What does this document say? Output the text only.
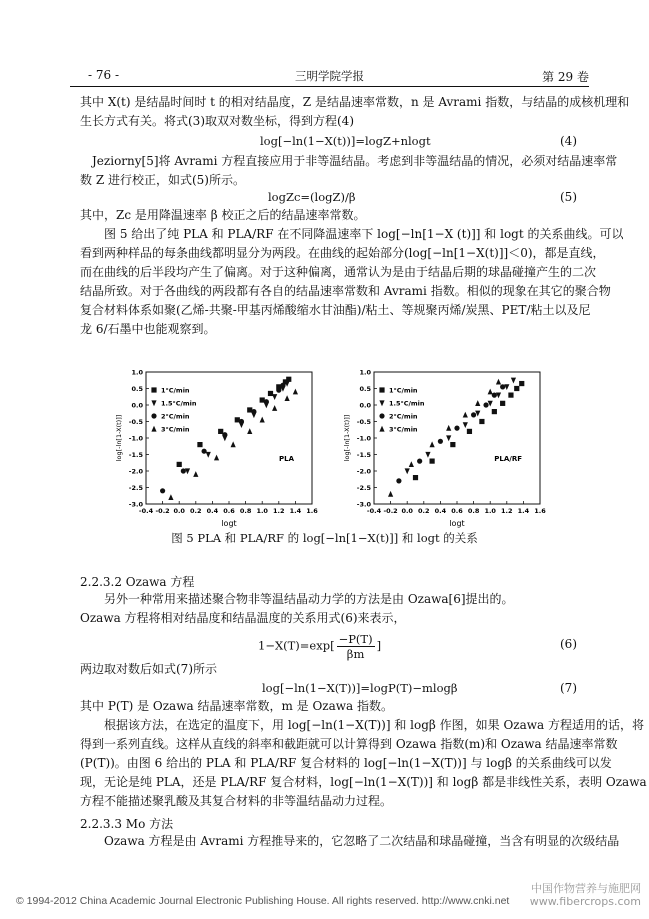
- 76 -	三明学院学报	第 29 卷
其中 X(t) 是结晶时间时 t 的相对结晶度，Z 是结晶速率常数，n 是 Avrami 指数，与结晶的成核机理和
生长方式有关。将式(3)取双对数坐标，得到方程(4)
log[−ln(1−X(t))]=logZ+nlogt	(4)
Jeziorny[5]将 Avrami 方程直接应用于非等温结晶。考虑到非等温结晶的情况，必须对结晶速率常
数 Z 进行校正，如式(5)所示。
logZc=(logZ)/β	(5)
其中，Zc 是用降温速率 β 校正之后的结晶速率常数。
图 5 给出了纯 PLA 和 PLA/RF 在不同降温速率下 log[−ln[1−X (t)]] 和 logt 的关系曲线。可以
看到两种样品的每条曲线都明显分为两段。在曲线的起始部分(log[−ln[1−X(t)]]＜0)，都是直线，
而在曲线的后半段均产生了偏离。对于这种偏离，通常认为是由于结晶后期的球晶碰撞产生的二次
结晶所致。对于各曲线的两段都有各自的结晶速率常数和 Avrami 指数。相似的现象在其它的聚合物
复合材料体系如聚(乙烯-共聚-甲基丙烯酸缩水甘油酯)/粘土、等规聚丙烯/炭黑、PET/粘土以及尼
龙 6/石墨中也能观察到。
1.0
0.5
0.0
-0.5
-1.0
-1.5
-2.0
-2.5
-3.0
-0.4 -0.2 0.0 0.2 0.4 0.6 0.8 1.0 1.2 1.4 1.6
logt
log[-ln[1-X(t)]]
1°C/min
1.5°C/min
2°C/min
3°C/min
PLA
1.0
0.5
0.0
-0.5
-1.0
-1.5
-2.0
-2.5
-3.0
-0.4 -0.2 0.0 0.2 0.4 0.6 0.8 1.0 1.2 1.4 1.6
logt
log[-ln[1-X(t)]]
1°C/min
1.5°C/min
2°C/min
3°C/min
PLA/RF
图 5 PLA 和 PLA/RF 的 log[−ln[1−X(t)]] 和 logt 的关系
2.2.3.2 Ozawa 方程
另外一种常用来描述聚合物非等温结晶动力学的方法是由 Ozawa[6]提出的。
Ozawa 方程将相对结晶度和结晶温度的关系用式(6)来表示，
$1-X(T)=\exp[ \frac{-P(T)}{\beta m}$ ]	(6)
两边取对数后如式(7)所示
log[−ln(1−X(T))]=logP(T)−mlogβ	(7)
其中 P(T) 是 Ozawa 结晶速率常数，m 是 Ozawa 指数。
根据该方法，在选定的温度下，用 log[−ln(1−X(T))] 和 logβ 作图，如果 Ozawa 方程适用的话，将
得到一系列直线。这样从直线的斜率和截距就可以计算得到 Ozawa 指数(m)和 Ozawa 结晶速率常数
(P(T))。由图 6 给出的 PLA 和 PLA/RF 复合材料的 log[−ln(1−X(T))] 与 logβ 的关系曲线可以发
现，无论是纯 PLA，还是 PLA/RF 复合材料，log[−ln(1−X(T))] 和 logβ 都是非线性关系，表明 Ozawa
方程不能描述聚乳酸及其复合材料的非等温结晶动力过程。
2.2.3.3 Mo 方法
Ozawa 方程是由 Avrami 方程推导来的，它忽略了二次结晶和球晶碰撞，当含有明显的次级结晶
© 1994-2012 China Academic Journal Electronic Publishing House. All rights reserved. http://www.cnki.net
中国作物营养与施肥网
www.fibercrops.com
